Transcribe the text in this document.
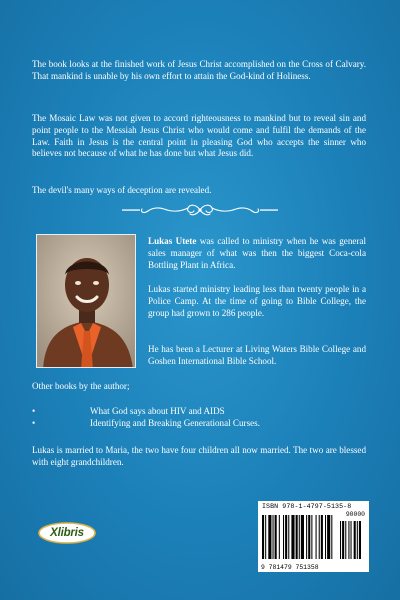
The book looks at the finished work of Jesus Christ accomplished on the Cross of Calvary. That mankind is unable by his own effort to attain the God-kind of Holiness.

The Mosaic Law was not given to accord righteousness to mankind but to reveal sin and point people to the Messiah Jesus Christ who would come and fulfil the demands of the Law. Faith in Jesus is the central point in pleasing God who accepts the sinner who believes not because of what he has done but what Jesus did.

The devil's many ways of deception are revealed.

Lukas Utete was called to ministry when he was general sales manager of what was then the biggest Coca-cola Bottling Plant in Africa.

Lukas started ministry leading less than twenty people in a Police Camp. At the time of going to Bible College, the group had grown to 286 people.

He has been a Lecturer at Living Waters Bible College and Goshen International Bible School.

Other books by the author;

•	What God says about HIV and AIDS
•	Identifying and Breaking Generational Curses.

Lukas is married to Maria, the two have four children all now married. The two are blessed with eight grandchildren.

Xlibris
ISBN 978-1-4797-5135-8
9 781479 751358
90000
